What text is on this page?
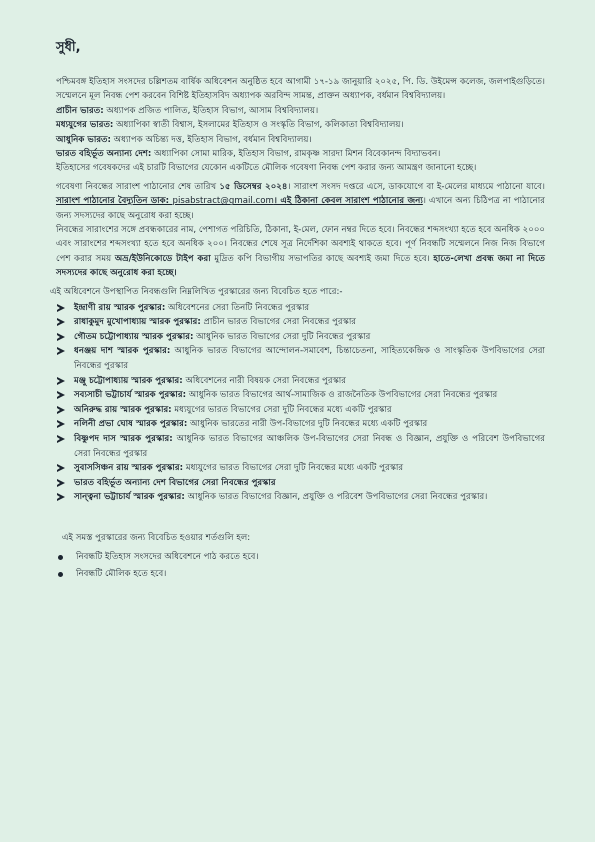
সুধী,

পশ্চিমবঙ্গ ইতিহাস সংসদের চল্লিশতম বার্ষিক অধিবেশন অনুষ্ঠিত হবে আগামী ১৭-১৯ জানুয়ারি ২০২৫, পি. ডি. উইমেন্স কলেজ, জলপাইগুড়িতে। সম্মেলনে মূল নিবন্ধ পেশ করবেন বিশিষ্ট ইতিহাসবিদ অধ্যাপক অরবিন্দ সামন্ত, প্রাক্তন অধ্যাপক, বর্ধমান বিশ্ববিদ্যালয়।

প্রাচীন ভারত: অধ্যাপক প্রজিত পালিত, ইতিহাস বিভাগ, আসাম বিশ্ববিদ্যালয়।

মধ্যযুগের ভারত: অধ্যাপিকা স্বাতী বিশ্বাস, ইসলামের ইতিহাস ও সংস্কৃতি বিভাগ, কলিকাতা বিশ্ববিদ্যালয়।

আধুনিক ভারত: অধ্যাপক অচিন্ত্য দত্ত, ইতিহাস বিভাগ, বর্ধমান বিশ্ববিদ্যালয়।

ভারত বহির্ভূত অন্যান্য দেশ: অধ্যাপিকা সোমা মারিক, ইতিহাস বিভাগ, রামকৃষ্ণ সারদা মিশন বিবেকানন্দ বিদ্যাভবন।

ইতিহাসের গবেষকদের এই চারটি বিভাগের যেকোন একটিতে মৌলিক গবেষণা নিবন্ধ পেশ করার জন্য আমন্ত্রণ জানানো হচ্ছে।

গবেষণা নিবন্ধের সারাংশ পাঠানোর শেষ তারিখ ১৫ ডিসেম্বর ২০২৪। সারাংশ সংসদ দপ্তরে এসে, ডাকযোগে বা ই-মেলের মাধ্যমে পাঠানো যাবে। সারাংশ পাঠানোর বৈদ্যুতিন ডাক: pisabstract@gmail.com। এই ঠিকানা কেবল সারাংশ পাঠানোর জন্য। এখানে অন্য চিঠিপত্র না পাঠানোর জন্য সদস্যদের কাছে অনুরোধ করা হচ্ছে।

নিবন্ধের সারাংশের সঙ্গে প্রবন্ধকারের নাম, পেশাগত পরিচিতি, ঠিকানা, ই-মেল, ফোন নম্বর দিতে হবে। নিবন্ধের শব্দসংখ্যা হতে হবে অনধিক ২০০০ এবং সারাংশের শব্দসংখ্যা হতে হবে অনধিক ২০০। নিবন্ধের শেষে সূত্র নির্দেশিকা অবশ্যই থাকতে হবে। পূর্ণ নিবন্ধটি সম্মেলনে নিজ নিজ বিভাগে পেশ করার সময় অভ্র/ইউনিকোডে টাইপ করা মুদ্রিত কপি বিভাগীয় সভাপতির কাছে অবশ্যই জমা দিতে হবে। হাতে-লেখা প্রবন্ধ জমা না দিতে সদস্যদের কাছে অনুরোধ করা হচ্ছে।

এই অধিবেশনে উপস্থাপিত নিবন্ধগুলি নিম্নলিখিত পুরস্কারের জন্য বিবেচিত হতে পারে:-
ইন্দ্রাণী রায় স্মারক পুরস্কার: অধিবেশনের সেরা তিনটি নিবন্ধের পুরস্কার
রাধাকুমুদ মুখোপাধ্যায় স্মারক পুরস্কার: প্রাচীন ভারত বিভাগের সেরা নিবন্ধের পুরস্কার
গৌতম চট্টোপাধ্যায় স্মারক পুরস্কার: আধুনিক ভারত বিভাগের সেরা দুটি নিবন্ধের পুরস্কার
ধনঞ্জয় দাশ স্মারক পুরস্কার: আধুনিক ভারত বিভাগের আন্দোলন-সমাবেশ, চিন্তাচেতনা, সাহিত্যকেন্দ্রিক ও সাংস্কৃতিক উপবিভাগের সেরা নিবন্ধের পুরস্কার
মঞ্জু চট্টোপাধ্যায় স্মারক পুরস্কার: অধিবেশনের নারী বিষয়ক সেরা নিবন্ধের পুরস্কার
সব্যসাচী ভট্টাচার্য স্মারক পুরস্কার: আধুনিক ভারত বিভাগের আর্থ-সামাজিক ও রাজনৈতিক উপবিভাগের সেরা নিবন্ধের পুরস্কার
অনিরুদ্ধ রায় স্মারক পুরস্কার: মধ্যযুগের ভারত বিভাগের সেরা দুটি নিবন্ধের মধ্যে একটি পুরস্কার
নলিনী প্রভা ঘোষ স্মারক পুরস্কার: আধুনিক ভারতের নারী উপ-বিভাগের দুটি নিবন্ধের মধ্যে একটি পুরস্কার
বিষ্ণুপদ দাস স্মারক পুরস্কার: আধুনিক ভারত বিভাগের আঞ্চলিক উপ-বিভাগের সেরা নিবন্ধ ও বিজ্ঞান, প্রযুক্তি ও পরিবেশ উপবিভাগের সেরা নিবন্ধের পুরস্কার
সুবাসসিঞ্চন রায় স্মারক পুরস্কার: মধ্যযুগের ভারত বিভাগের সেরা দুটি নিবন্ধের মধ্যে একটি পুরস্কার
ভারত বহির্ভূত অন্যান্য দেশ বিভাগের সেরা নিবন্ধের পুরস্কার
সান্ত্বনা ভট্টাচার্য স্মারক পুরস্কার: আধুনিক ভারত বিভাগের বিজ্ঞান, প্রযুক্তি ও পরিবেশ উপবিভাগের সেরা নিবন্ধের পুরস্কার।
এই সমস্ত পুরস্কারের জন্য বিবেচিত হওয়ার শর্তগুলি হল:
নিবন্ধটি ইতিহাস সংসদের অধিবেশনে পাঠ করতে হবে।
নিবন্ধটি মৌলিক হতে হবে।
